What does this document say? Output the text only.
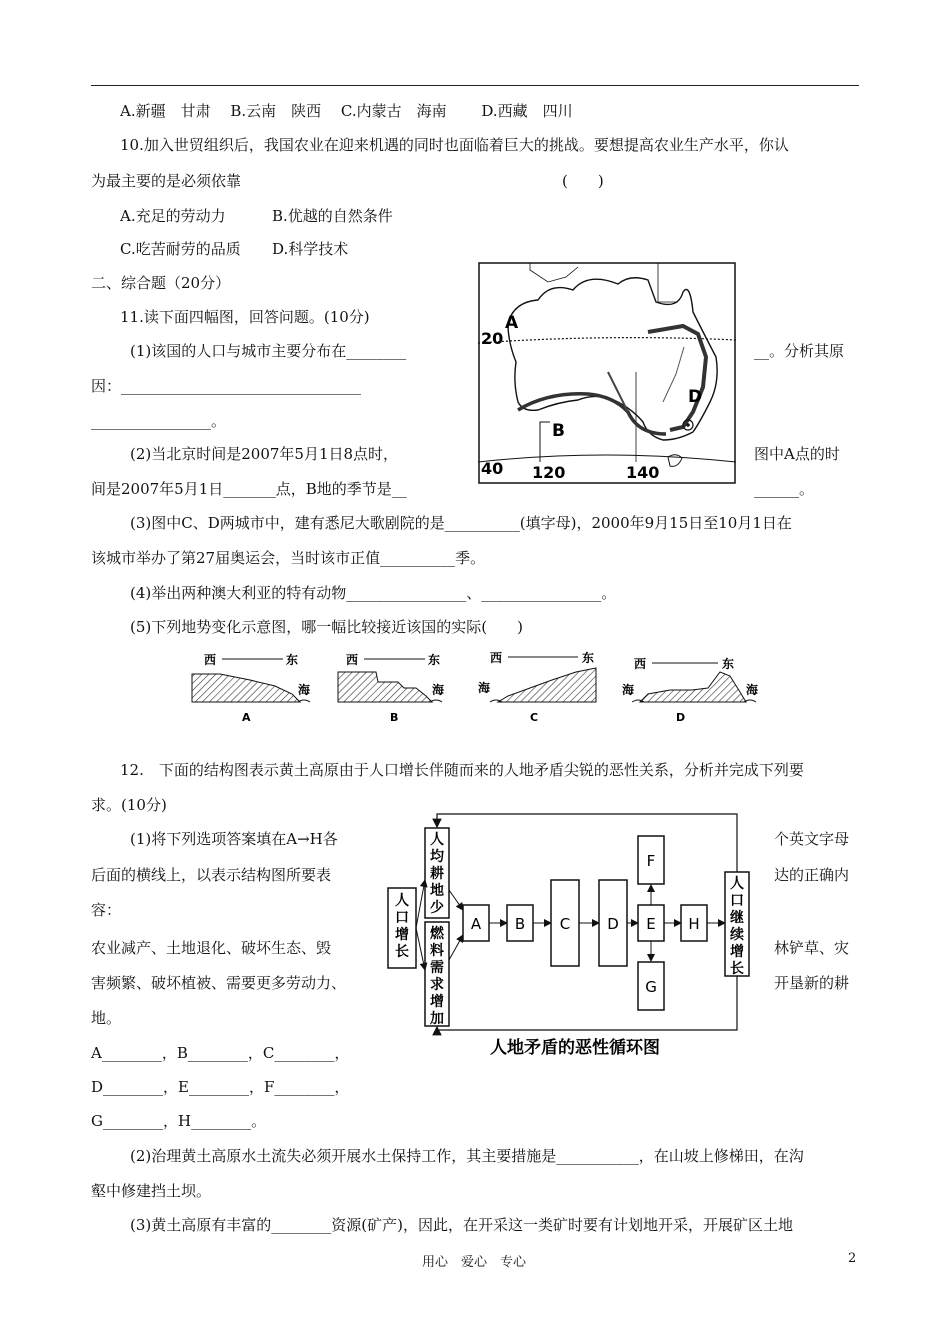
A.新疆　甘肃　 B.云南　陕西　 C.内蒙古　海南　　 D.西藏　四川
10.加入世贸组织后，我国农业在迎来机遇的同时也面临着巨大的挑战。要想提高农业生产水平，你认
为最主要的是必须依靠	(　　)
A.充足的劳动力	B.优越的自然条件
C.吃苦耐劳的品质 D.科学技术
二、综合题（20分）
11.读下面四幅图，回答问题。(10分)
(1)该国的人口与城市主要分布在________	__。分析其原
因：________________________________
________________。
(2)当北京时间是2007年5月1日8点时，	图中A点的时
间是2007年5月1日_______点，B地的季节是__	______。
(3)图中C、D两城市中，建有悉尼大歌剧院的是__________(填字母)，2000年9月15日至10月1日在
该城市举办了第27届奥运会，当时该市正值__________季。
(4)举出两种澳大利亚的特有动物________________、________________。
(5)下列地势变化示意图，哪一幅比较接近该国的实际(　　)
A
B
D
20
40 120	140
西	东
海
A
西	东
海
B
西	东
海
C
西	东
海	海
D
12.　下面的结构图表示黄土高原由于人口增长伴随而来的人地矛盾尖锐的恶性关系，分析并完成下列要
求。(10分)
(1)将下列选项答案填在A→H各	个英文字母
后面的横线上，以表示结构图所要表	达的正确内
容：
农业减产、土地退化、破坏生态、毁	林铲草、灾
害频繁、破坏植被、需要更多劳动力、	开垦新的耕
地。
A________，B________，C________，
D________，E________，F________，
G________，H________。
人
口
增
长
人
均
耕
地
少
燃
料
需
求
增
加
A B C D
F
E
G
H
人
口
继
续
增
长
人地矛盾的恶性循环图
(2)治理黄土高原水土流失必须开展水土保持工作，其主要措施是___________，在山坡上修梯田，在沟
壑中修建挡土坝。
(3)黄土高原有丰富的________资源(矿产)，因此，在开采这一类矿时要有计划地开采，开展矿区土地
用心　爱心　专心	2
